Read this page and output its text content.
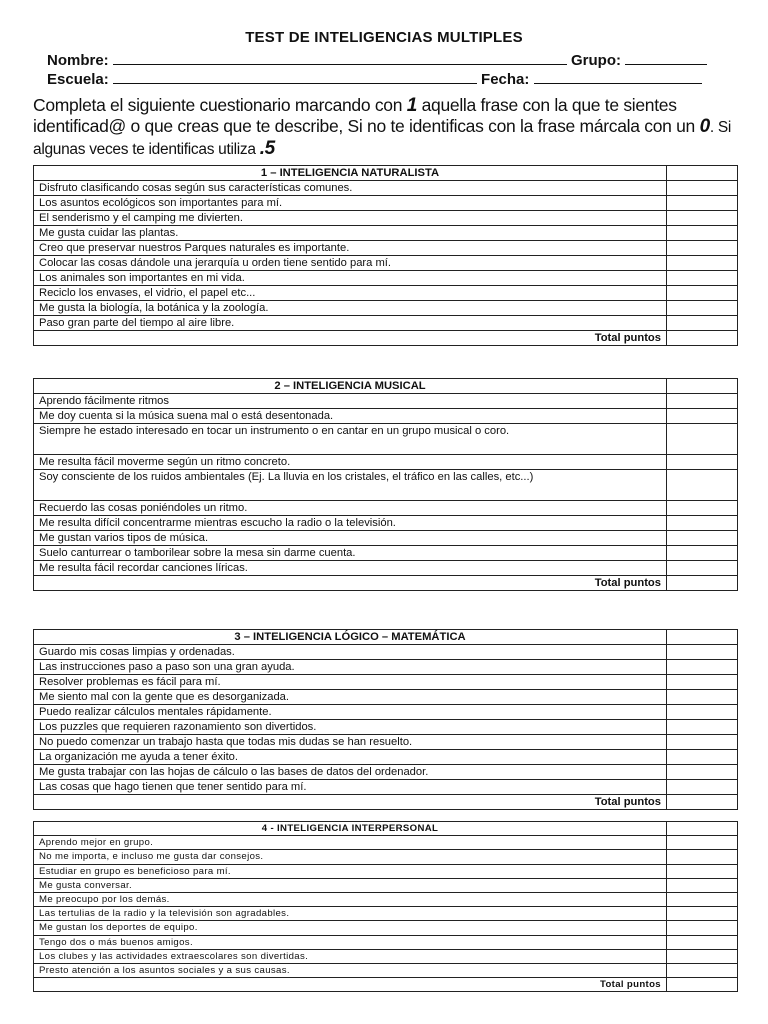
TEST DE INTELIGENCIAS MULTIPLES
Nombre:	Grupo:
Escuela:	Fecha:
Completa el siguiente cuestionario marcando con 1 aquella frase con la que te sientes identificad@ o que creas que te describe, Si no te identificas con la frase márcala con un 0. Si algunas veces te identificas utiliza .5
1 – INTELIGENCIA NATURALISTA	
Disfruto clasificando cosas según sus características comunes.	
Los asuntos ecológicos son importantes para mí.	
El senderismo y el camping me divierten.	
Me gusta cuidar las plantas.	
Creo que preservar nuestros Parques naturales es importante.	
Colocar las cosas dándole una jerarquía u orden tiene sentido para mí.	
Los animales son importantes en mi vida.	
Reciclo los envases, el vidrio, el papel etc...	
Me gusta la biología, la botánica y la zoología.	
Paso gran parte del tiempo al aire libre.	
Total puntos	
2 – INTELIGENCIA MUSICAL	
Aprendo fácilmente ritmos	
Me doy cuenta si la música suena mal o está desentonada.	
Siempre he estado interesado en tocar un instrumento o en cantar en un grupo musical o coro.	
Me resulta fácil moverme según un ritmo concreto.	
Soy consciente de los ruidos ambientales (Ej. La lluvia en los cristales, el tráfico en las calles, etc...)	
Recuerdo las cosas poniéndoles un ritmo.	
Me resulta difícil concentrarme mientras escucho la radio o la televisión.	
Me gustan varios tipos de música.	
Suelo canturrear o tamborilear sobre la mesa sin darme cuenta.	
Me resulta fácil recordar canciones líricas.	
Total puntos	
3 – INTELIGENCIA LÓGICO – MATEMÁTICA	
Guardo mis cosas limpias y ordenadas.	
Las instrucciones paso a paso son una gran ayuda.	
Resolver problemas es fácil para mí.	
Me siento mal con la gente que es desorganizada.	
Puedo realizar cálculos mentales rápidamente.	
Los puzzles que requieren razonamiento son divertidos.	
No puedo comenzar un trabajo hasta que todas mis dudas se han resuelto.	
La organización me ayuda a tener éxito.	
Me gusta trabajar con las hojas de cálculo o las bases de datos del ordenador.	
Las cosas que hago tienen que tener sentido para mí.	
Total puntos	
4 - INTELIGENCIA INTERPERSONAL	
Aprendo mejor en grupo.	
No me importa, e incluso me gusta dar consejos.	
Estudiar en grupo es beneficioso para mí.	
Me gusta conversar.	
Me preocupo por los demás.	
Las tertulias de la radio y la televisión son agradables.	
Me gustan los deportes de equipo.	
Tengo dos o más buenos amigos.	
Los clubes y las actividades extraescolares son divertidas.	
Presto atención a los asuntos sociales y a sus causas.	
Total puntos	
